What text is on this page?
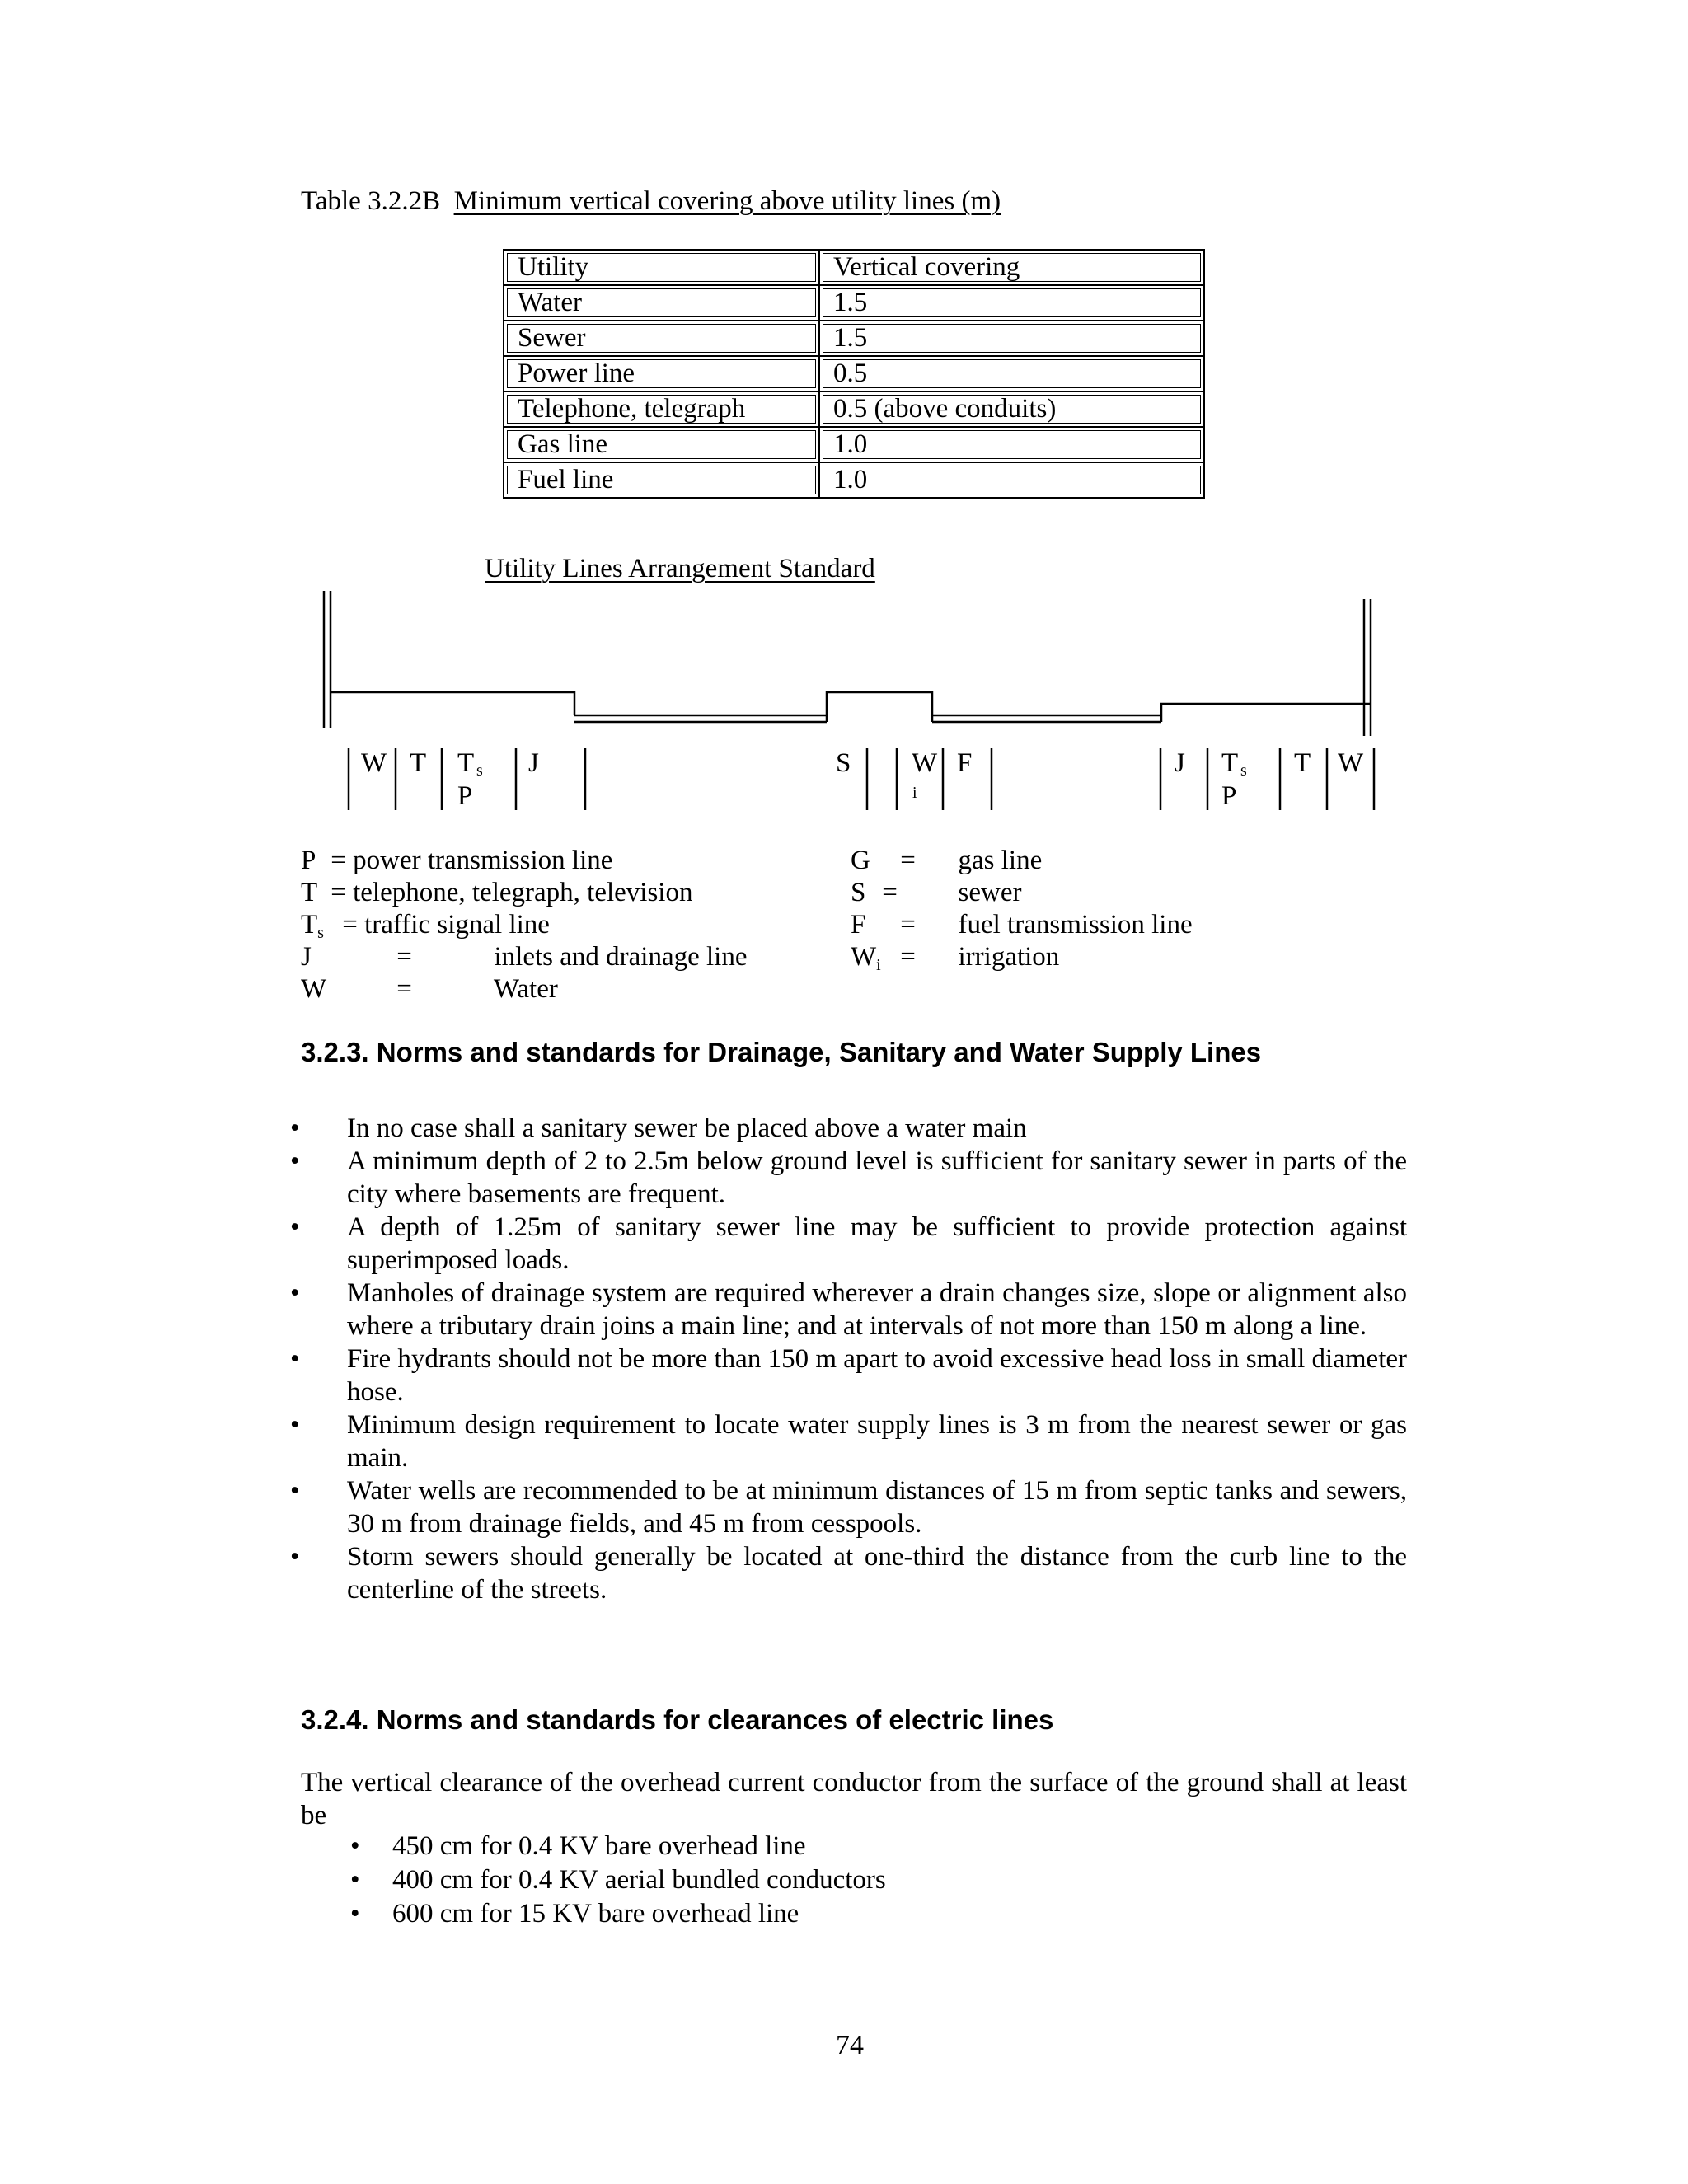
Table 3.2.2B Minimum vertical covering above utility lines (m)
Utility	Vertical covering
Water	1.5
Sewer	1.5
Power line	0.5
Telephone, telegraph	0.5 (above conduits)
Gas line	1.0
Fuel line	1.0
Utility Lines Arrangement Standard
W T T s
P
J	S W
i
F	J T s
P
T W
P = power transmission line
T = telephone, telegraph, television
$T_s$ = traffic signal line
J	=	inlets and drainage line
W	=	Water
G = gas line
S = sewer
F = fuel transmission line
$W_i$ = irrigation
3.2.3. Norms and standards for Drainage, Sanitary and Water Supply Lines

• In no case shall a sanitary sewer be placed above a water main

• A minimum depth of 2 to 2.5m below ground level is sufficient for sanitary sewer in parts of the city where basements are frequent.

• A depth of 1.25m of sanitary sewer line may be sufficient to provide protection against superimposed loads.

• Manholes of drainage system are required wherever a drain changes size, slope or alignment also where a tributary drain joins a main line; and at intervals of not more than 150 m along a line.

• Fire hydrants should not be more than 150 m apart to avoid excessive head loss in small diameter hose.

• Minimum design requirement to locate water supply lines is 3 m from the nearest sewer or gas main.

• Water wells are recommended to be at minimum distances of 15 m from septic tanks and sewers, 30 m from drainage fields, and 45 m from cesspools.

• Storm sewers should generally be located at one-third the distance from the curb line to the centerline of the streets.

3.2.4. Norms and standards for clearances of electric lines
The vertical clearance of the overhead current conductor from the surface of the ground shall at least be

• 450 cm for 0.4 KV bare overhead line

• 400 cm for 0.4 KV aerial bundled conductors

• 600 cm for 15 KV bare overhead line

74
